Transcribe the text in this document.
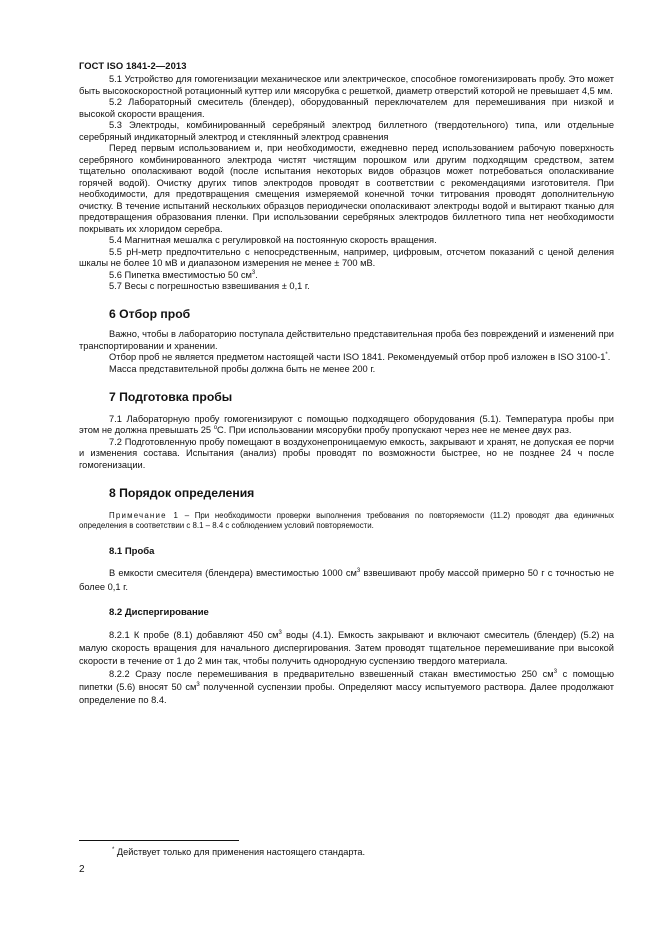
ГОСТ ISO 1841-2—2013

5.1 Устройство для гомогенизации механическое или электрическое, способное гомогенизировать пробу. Это может быть высокоскоростной ротационный куттер или мясорубка с решеткой, диаметр отверстий которой не превышает 4,5 мм.

5.2 Лабораторный смеситель (блендер), оборудованный переключателем для перемешивания при низкой и высокой скорости вращения.

5.3 Электроды, комбинированный серебряный электрод биллетного (твердотельного) типа, или отдельные серебряный индикаторный электрод и стеклянный электрод сравнения

Перед первым использованием и, при необходимости, ежедневно перед использованием рабочую поверхность серебряного комбинированного электрода чистят чистящим порошком или другим подходящим средством, затем тщательно ополаскивают водой (после испытания некоторых видов образцов может потребоваться ополаскивание горячей водой). Очистку других типов электродов проводят в соответствии с рекомендациями изготовителя. При необходимости, для предотвращения смещения измеряемой конечной точки титрования проводят дополнительную очистку. В течение испытаний нескольких образцов периодически ополаскивают электроды водой и вытирают тканью для предотвращения образования пленки. При использовании серебряных электродов биллетного типа нет необходимости покрывать их хлоридом серебра.

5.4 Магнитная мешалка с регулировкой на постоянную скорость вращения.

5.5 рН-метр предпочтительно с непосредственным, например, цифровым, отсчетом показаний с ценой деления шкалы не более 10 мВ и диапазоном измерения не менее ± 700 мВ.

5.6 Пипетка вместимостью 50 $см^3$.

5.7 Весы с погрешностью взвешивания ± 0,1 г.

6 Отбор проб

Важно, чтобы в лабораторию поступала действительно представительная проба без повреждений и изменений при транспортировании и хранении.

Отбор проб не является предметом настоящей части ISO 1841. Рекомендуемый отбор проб изложен в ISO 3100-1*.

Масса представительной пробы должна быть не менее 200 г.

7 Подготовка пробы

7.1 Лабораторную пробу гомогенизируют с помощью подходящего оборудования (5.1). Температура пробы при этом не должна превышать 25 $^о$С. При использовании мясорубки пробу пропускают через нее не менее двух раз.

7.2 Подготовленную пробу помещают в воздухонепроницаемую емкость, закрывают и хранят, не допуская ее порчи и изменения состава. Испытания (анализ) пробы проводят по возможности быстрее, но не позднее 24 ч после гомогенизации.

8 Порядок определения

Примечание 1 – При необходимости проверки выполнения требования по повторяемости (11.2) проводят два единичных определения в соответствии с 8.1 – 8.4 с соблюдением условий повторяемости.

8.1 Проба

В емкости смесителя (блендера) вместимостью 1000 $см^3$ взвешивают пробу массой примерно 50 г с точностью не более 0,1 г.

8.2 Диспергирование

8.2.1 К пробе (8.1) добавляют 450 $см^3$ воды (4.1). Емкость закрывают и включают смеситель (блендер) (5.2) на малую скорость вращения для начального диспергирования. Затем проводят тщательное перемешивание при высокой скорости в течение от 1 до 2 мин так, чтобы получить однородную суспензию твердого материала.

8.2.2 Сразу после перемешивания в предварительно взвешенный стакан вместимостью 250 $см^3$ с помощью пипетки (5.6) вносят 50 $см^3$ полученной суспензии пробы. Определяют массу испытуемого раствора. Далее продолжают определение по 8.4.

* Действует только для применения настоящего стандарта.
2
